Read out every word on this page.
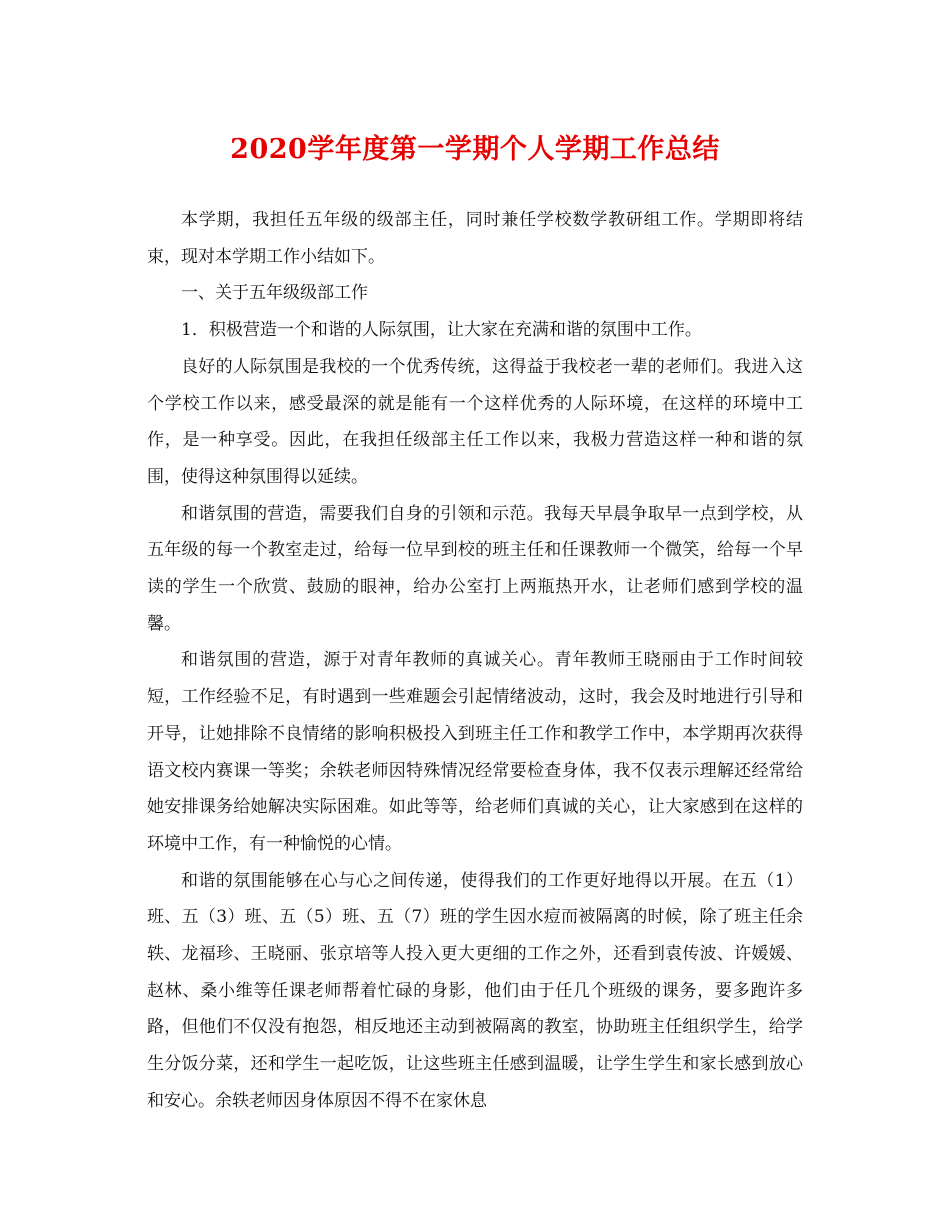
2020学年度第一学期个人学期工作总结

本学期，我担任五年级的级部主任，同时兼任学校数学教研组工作。学期即将结束，现对本学期工作小结如下。

一、关于五年级级部工作

1．积极营造一个和谐的人际氛围，让大家在充满和谐的氛围中工作。

良好的人际氛围是我校的一个优秀传统，这得益于我校老一辈的老师们。我进入这个学校工作以来，感受最深的就是能有一个这样优秀的人际环境，在这样的环境中工作，是一种享受。因此，在我担任级部主任工作以来，我极力营造这样一种和谐的氛围，使得这种氛围得以延续。

和谐氛围的营造，需要我们自身的引领和示范。我每天早晨争取早一点到学校，从五年级的每一个教室走过，给每一位早到校的班主任和任课教师一个微笑，给每一个早读的学生一个欣赏、鼓励的眼神，给办公室打上两瓶热开水，让老师们感到学校的温馨。

和谐氛围的营造，源于对青年教师的真诚关心。青年教师王晓丽由于工作时间较短，工作经验不足，有时遇到一些难题会引起情绪波动，这时，我会及时地进行引导和开导，让她排除不良情绪的影响积极投入到班主任工作和教学工作中，本学期再次获得语文校内赛课一等奖；余轶老师因特殊情况经常要检查身体，我不仅表示理解还经常给她安排课务给她解决实际困难。如此等等，给老师们真诚的关心，让大家感到在这样的环境中工作，有一种愉悦的心情。

和谐的氛围能够在心与心之间传递，使得我们的工作更好地得以开展。在五（1）班、五（3）班、五（5）班、五（7）班的学生因水痘而被隔离的时候，除了班主任余轶、龙福珍、王晓丽、张京培等人投入更大更细的工作之外，还看到袁传波、许媛媛、赵林、桑小维等任课老师帮着忙碌的身影，他们由于任几个班级的课务，要多跑许多路，但他们不仅没有抱怨，相反地还主动到被隔离的教室，协助班主任组织学生，给学生分饭分菜，还和学生一起吃饭，让这些班主任感到温暖，让学生学生和家长感到放心和安心。余轶老师因身体原因不得不在家休息
